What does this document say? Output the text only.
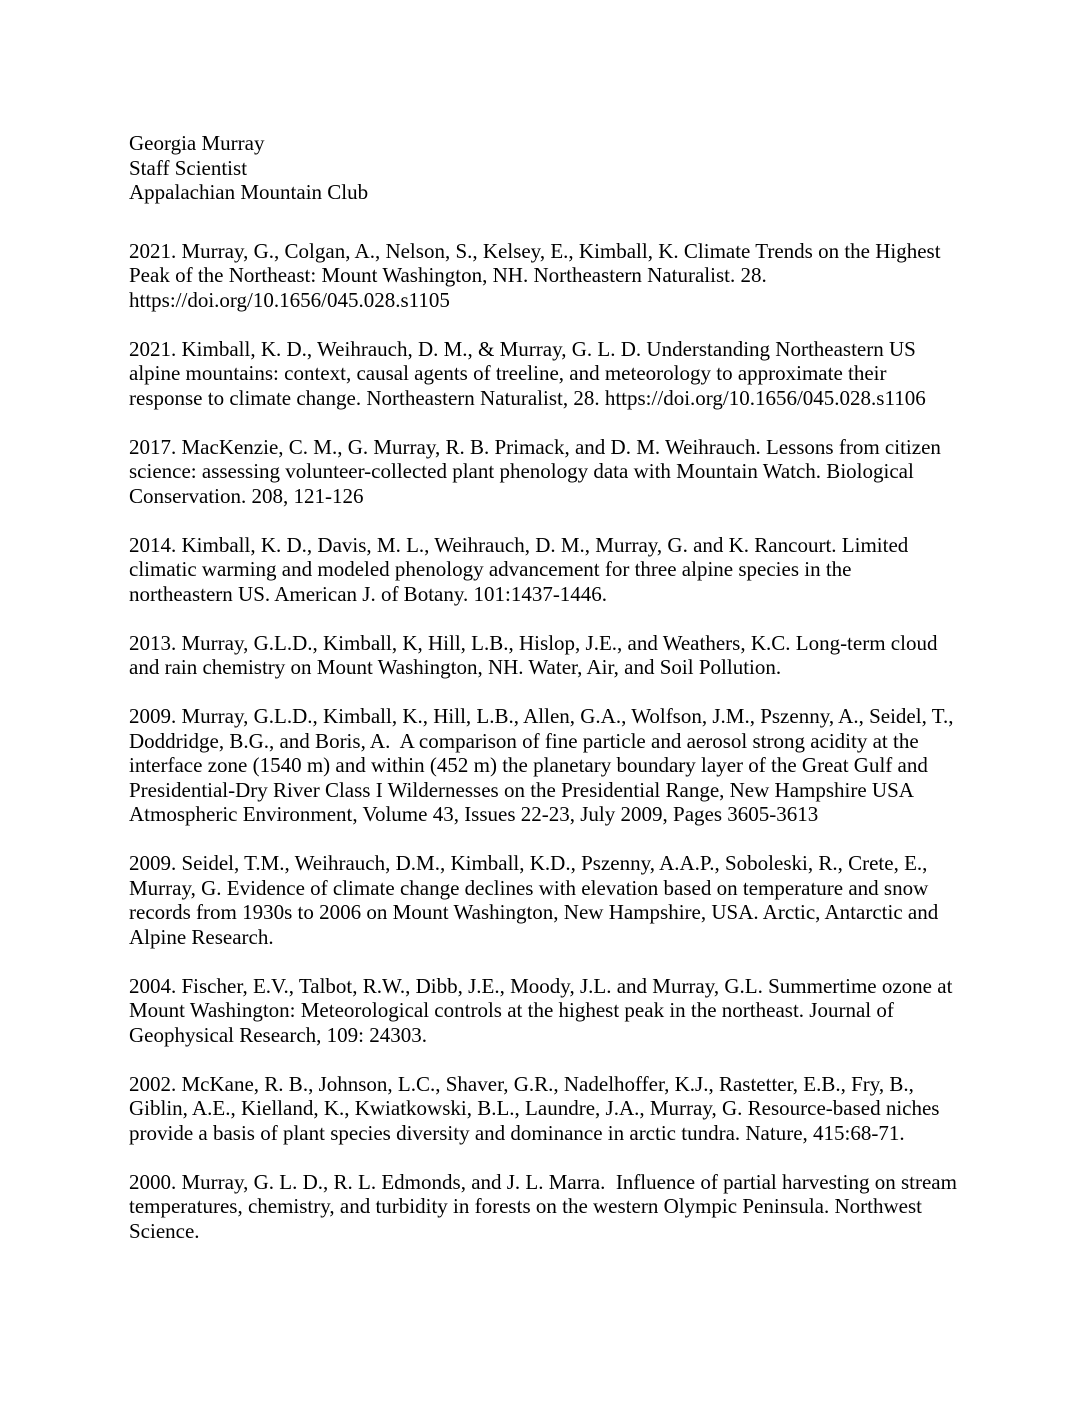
Georgia Murray
Staff Scientist
Appalachian Mountain Club

2021. Murray, G., Colgan, A., Nelson, S., Kelsey, E., Kimball, K. Climate Trends on the Highest Peak of the Northeast: Mount Washington, NH. Northeastern Naturalist. 28. https://doi.org/10.1656/045.028.s1105

2021. Kimball, K. D., Weihrauch, D. M., & Murray, G. L. D. Understanding Northeastern US alpine mountains: context, causal agents of treeline, and meteorology to approximate their response to climate change. Northeastern Naturalist, 28. https://doi.org/10.1656/045.028.s1106

2017. MacKenzie, C. M., G. Murray, R. B. Primack, and D. M. Weihrauch. Lessons from citizen science: assessing volunteer-collected plant phenology data with Mountain Watch. Biological Conservation. 208, 121-126

2014. Kimball, K. D., Davis, M. L., Weihrauch, D. M., Murray, G. and K. Rancourt. Limited climatic warming and modeled phenology advancement for three alpine species in the northeastern US. American J. of Botany. 101:1437-1446.

2013. Murray, G.L.D., Kimball, K, Hill, L.B., Hislop, J.E., and Weathers, K.C. Long-term cloud and rain chemistry on Mount Washington, NH. Water, Air, and Soil Pollution.

2009. Murray, G.L.D., Kimball, K., Hill, L.B., Allen, G.A., Wolfson, J.M., Pszenny, A., Seidel, T., Doddridge, B.G., and Boris, A.  A comparison of fine particle and aerosol strong acidity at the interface zone (1540 m) and within (452 m) the planetary boundary layer of the Great Gulf and Presidential-Dry River Class I Wildernesses on the Presidential Range, New Hampshire USA Atmospheric Environment, Volume 43, Issues 22-23, July 2009, Pages 3605-3613

2009. Seidel, T.M., Weihrauch, D.M., Kimball, K.D., Pszenny, A.A.P., Soboleski, R., Crete, E., Murray, G. Evidence of climate change declines with elevation based on temperature and snow records from 1930s to 2006 on Mount Washington, New Hampshire, USA. Arctic, Antarctic and Alpine Research.

2004. Fischer, E.V., Talbot, R.W., Dibb, J.E., Moody, J.L. and Murray, G.L. Summertime ozone at Mount Washington: Meteorological controls at the highest peak in the northeast. Journal of Geophysical Research, 109: 24303.

2002. McKane, R. B., Johnson, L.C., Shaver, G.R., Nadelhoffer, K.J., Rastetter, E.B., Fry, B., Giblin, A.E., Kielland, K., Kwiatkowski, B.L., Laundre, J.A., Murray, G. Resource-based niches provide a basis of plant species diversity and dominance in arctic tundra. Nature, 415:68-71.

2000. Murray, G. L. D., R. L. Edmonds, and J. L. Marra.  Influence of partial harvesting on stream temperatures, chemistry, and turbidity in forests on the western Olympic Peninsula. Northwest Science.
